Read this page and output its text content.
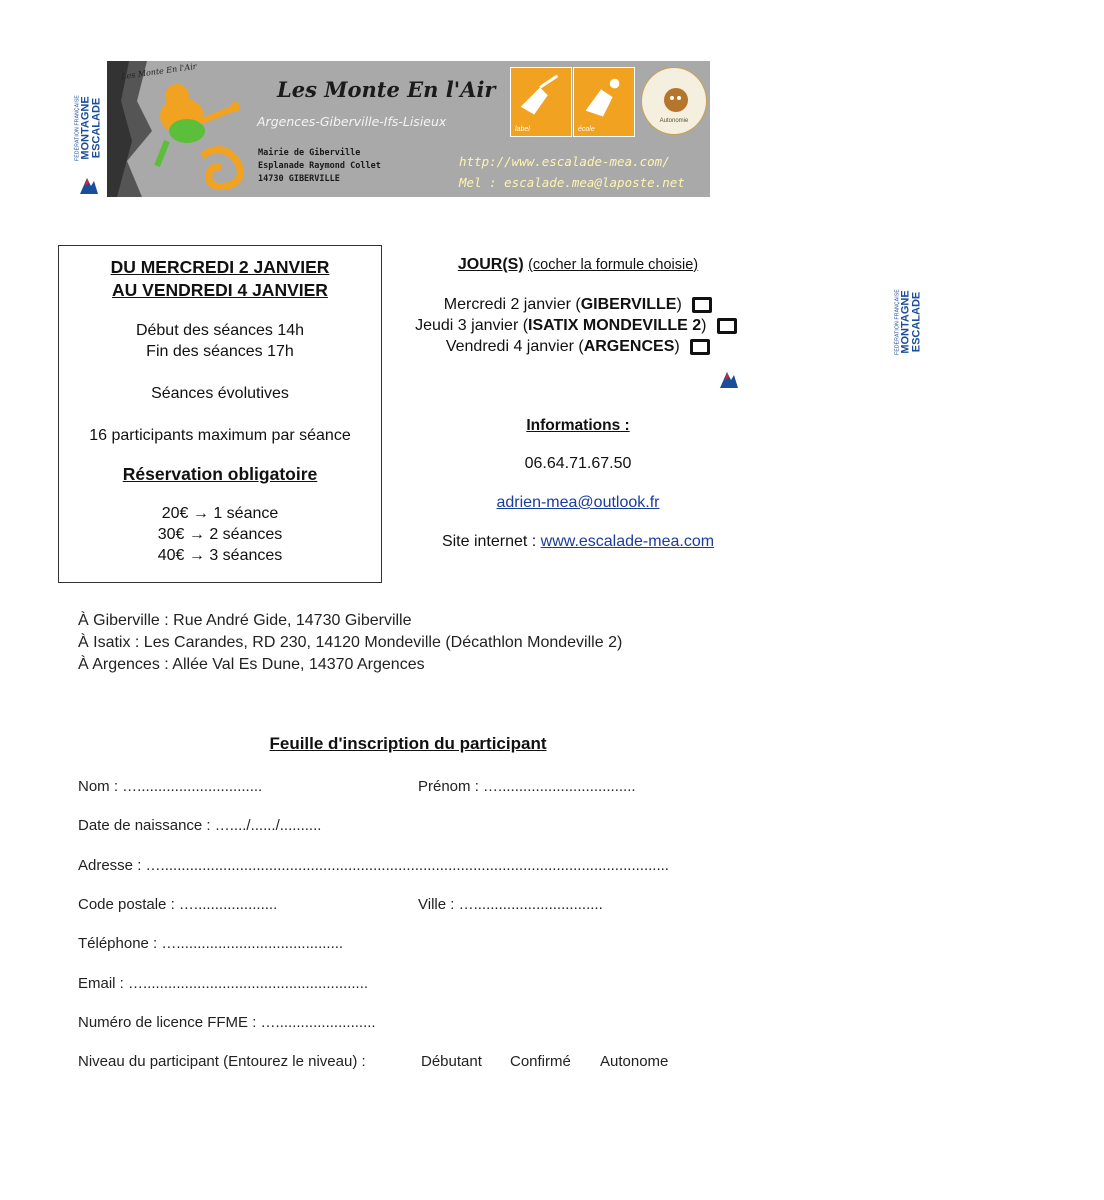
FÉDÉRATION FRANÇAISE MONTAGNE ESCALADE
FÉDÉRATION FRANÇAISE MONTAGNE ESCALADE
Les Monte En l'Air
Les Monte En l'Air
Argences-Giberville-Ifs-Lisieux
Mairie de Giberville
Esplanade Raymond Collet
14730 GIBERVILLE
http://www.escalade-mea.com/
Mel : escalade.mea@laposte.net
label	école
Autonomie
DU MERCREDI 2 JANVIER
AU VENDREDI 4 JANVIER
Début des séances 14h
Fin des séances 17h
Séances évolutives
16 participants maximum par séance
Réservation obligatoire
20€ → 1 séance
30€ → 2 séances
40€ → 3 séances
JOUR(S) (cocher la formule choisie)
Mercredi 2 janvier (GIBERVILLE)
Jeudi 3 janvier (ISATIX MONDEVILLE 2)
Vendredi 4 janvier (ARGENCES)
Informations :
06.64.71.67.50
adrien-mea@outlook.fr
Site internet : www.escalade-mea.com
À Giberville : Rue André Gide, 14730 Giberville
À Isatix : Les Carandes, RD 230, 14120 Mondeville (Décathlon Mondeville 2)
À Argences : Allée Val Es Dune, 14370 Argences
Feuille d'inscription du participant
Nom : …..............................	Prénom : ….................................
Date de naissance : …..../....../..........
Adresse : …..........................................................................................................................
Code postale : …....................	Ville : …...............................
Téléphone : …........................................
Email : …......................................................
Numéro de licence FFME : …........................
Niveau du participant (Entourez le niveau) :	Débutant Confirmé Autonome
